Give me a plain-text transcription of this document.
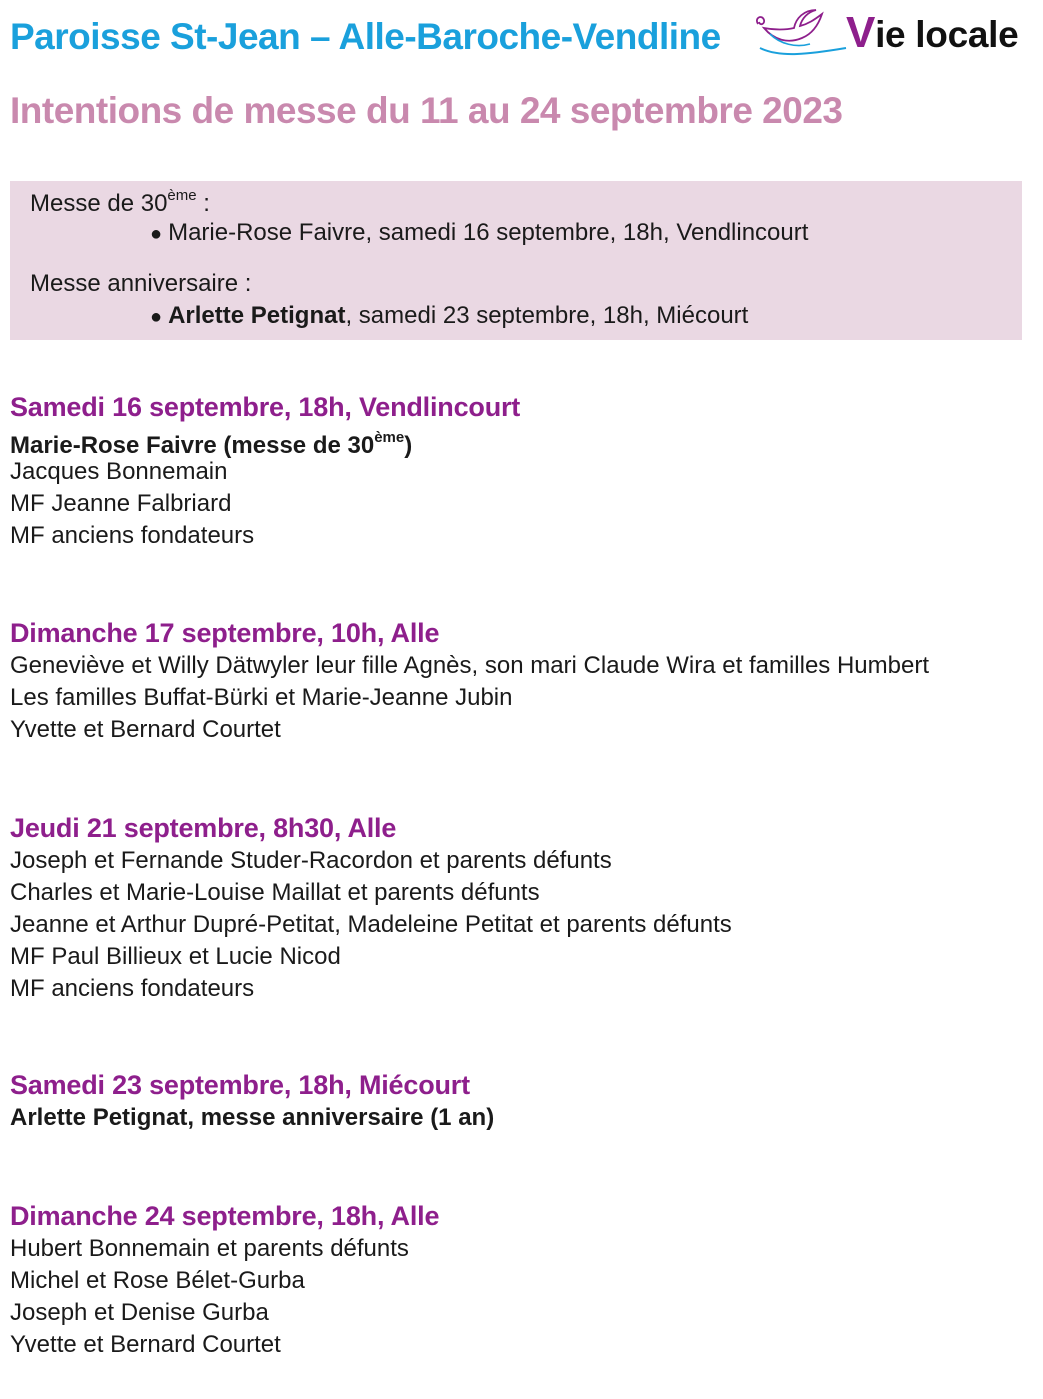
Paroisse St-Jean – Alle-Baroche-Vendline	Vie locale
Intentions de messe du 11 au 24 septembre 2023
Messe de 30ème :
● Marie-Rose Faivre, samedi 16 septembre, 18h, Vendlincourt
Messe anniversaire :
● Arlette Petignat, samedi 23 septembre, 18h, Miécourt
Samedi 16 septembre, 18h, Vendlincourt
Marie-Rose Faivre (messe de 30ème)
Jacques Bonnemain
MF Jeanne Falbriard
MF anciens fondateurs
Dimanche 17 septembre, 10h, Alle
Geneviève et Willy Dätwyler leur fille Agnès, son mari Claude Wira et familles Humbert
Les familles Buffat-Bürki et Marie-Jeanne Jubin
Yvette et Bernard Courtet
Jeudi 21 septembre, 8h30, Alle
Joseph et Fernande Studer-Racordon et parents défunts
Charles et Marie-Louise Maillat et parents défunts
Jeanne et Arthur Dupré-Petitat, Madeleine Petitat et parents défunts
MF Paul Billieux et Lucie Nicod
MF anciens fondateurs
Samedi 23 septembre, 18h, Miécourt
Arlette Petignat, messe anniversaire (1 an)
Dimanche 24 septembre, 18h, Alle
Hubert Bonnemain et parents défunts
Michel et Rose Bélet-Gurba
Joseph et Denise Gurba
Yvette et Bernard Courtet
